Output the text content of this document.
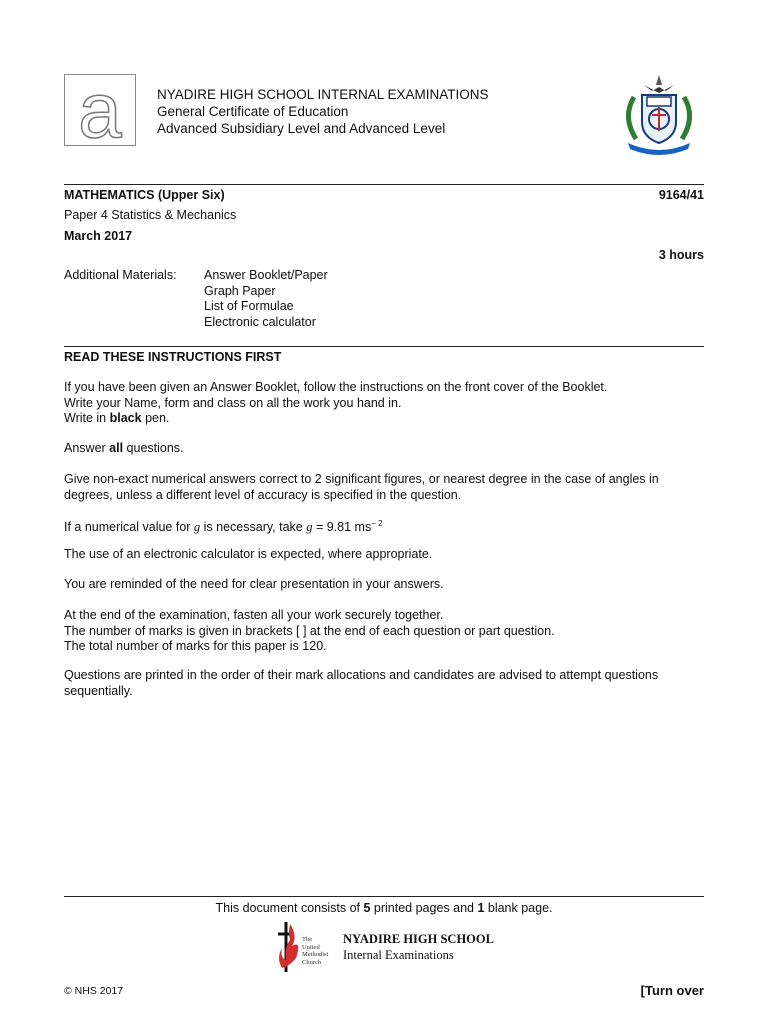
a	NYADIRE HIGH SCHOOL INTERNAL EXAMINATIONS
General Certificate of Education
Advanced Subsidiary Level and Advanced Level
MATHEMATICS (Upper Six)	9164/41
Paper 4 Statistics & Mechanics
March 2017
3 hours
Additional Materials: Answer Booklet/Paper
Graph Paper
List of Formulae
Electronic calculator
READ THESE INSTRUCTIONS FIRST
If you have been given an Answer Booklet, follow the instructions on the front cover of the Booklet.
Write your Name, form and class on all the work you hand in.
Write in black pen.
Answer all questions.
Give non-exact numerical answers correct to 2 significant figures, or nearest degree in the case of angles in degrees, unless a different level of accuracy is specified in the question.
If a numerical value for g is necessary, take g = 9.81 $ms^{- 2}$
The use of an electronic calculator is expected, where appropriate.
You are reminded of the need for clear presentation in your answers.
At the end of the examination, fasten all your work securely together.
The number of marks is given in brackets [ ] at the end of each question or part question.
The total number of marks for this paper is 120.
Questions are printed in the order of their mark allocations and candidates are advised to attempt questions sequentially.
This document consists of 5 printed pages and 1 blank page.
The
United
Methodist
Church
NYADIRE HIGH SCHOOL
Internal Examinations
© NHS 2017	[Turn over
